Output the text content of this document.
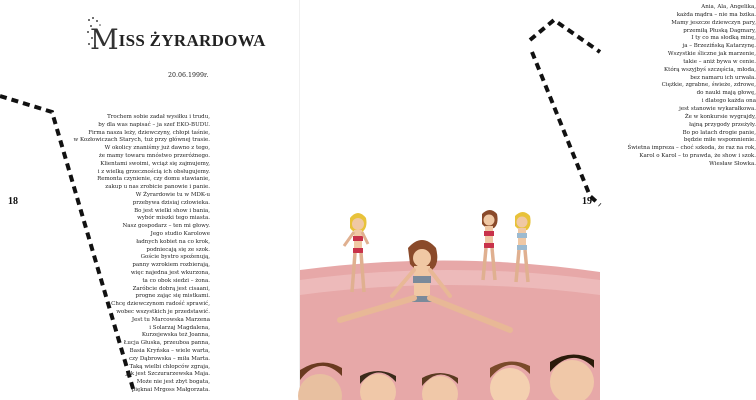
MISS ŻYRARDOWA
20.06.1999r.
Trochem sobie zadał wysiłku i trudu,
by dla was napisać – ja szef EKO-BUDU.
Firma nasza leży, dziewczyny, chłopi taśnie,
w Kozłowiczach Starych, tuż przy głównej trasie.
W okolicy znaniśmy już dawno z tego,
że mamy towaru mnóstwo przeróżnego.
Klientami swoimi, wciąż się zajmujemy,
i z wielką grzecznością ich obsługujemy.
Remonta czynienie, czy domu stawianie,
zakup u nas zrobicie panowie i panie.
W Żyrardowie tu w MDK-u
przebywa dzisiaj człowieka.
Bo jest wielki show i bania,
wybór miszki tego miasta.
Nasz gospodarz – ten mi głowy.
Jego studio Karolowe
ładnych kobiet na co krok,
podniecają się ze szok.
Goście bystro spoźenują,
panny wzrokiem rozbierają,
więc najedna jest wkurzona,
ta co obok siedzi – żona.
Zaróbcie dobrą jest cisaani,
progne zając się mistkami.
Chcę dziewczynom radość sprawić,
wobec wszystkich je przedstawić.
Jest tu Marcowska Marzena
i Solarzaj Magdalena,
Kurzejewska też Joanna,
Łucja Głuska, przeuboa panna,
Basia Kryńska – wiele warta,
czy Dąbrowska – miła Marta.
Taką wielbi chłopców zgraja,
jak jest Szczurarzewska Maja.
Może nie jest zbyt bogata,
pięknai Mrgoss Małgorzata.
18
Ania, Ala, Angelika,
każda mądra – nie ma bzika.
Mamy jeszcze dziewczyn pary,
przemiłą Płuską Dagmary,
I ty co ma słodką minę,
ja – Brzezińską Katarzynę.
Wszystkie śliczne jak marzenie,
takie – aniż bywa w cenie.
Którą wszyjbyś szczęścia, młoda,
bez namaru ich urwała.
Ciężkie, zgrabne, świeże, zdrowe,
do nauki mają głowę,
i dlatego każda ona
jest stanowie wykarałkowa.
Że w konkursie wygrajdy,
łajną przygody przeżyły.
Bo po latach drogie panie,
będzie miłe wspomnienie.
Świetna impreza – choć szkoda, że raz na rok,
Karol o Karol – to prawda, że show i szok.
Wiesław Słowka.
19
